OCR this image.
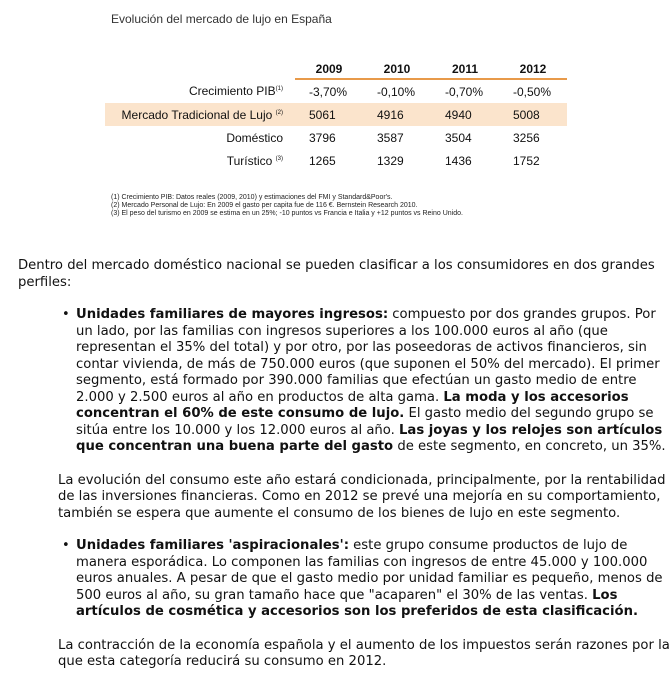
Evolución del mercado de lujo en España
	2009	2010	2011	2012
Crecimiento PIB$^{(1)}$	-3,70%	-0,10%	-0,70%	-0,50%
Mercado Tradicional de Lujo $^{(2)}$	5061	4916	4940	5008
Doméstico	3796	3587	3504	3256
Turístico $^{(3)}$	1265	1329	1436	1752
(1) Crecimiento PIB: Datos reales (2009, 2010) y estimaciones del FMI y Standard&Poor's.
(2) Mercado Personal de Lujo: En 2009 el gasto per capita fue de 116 €. Bernstein Research 2010.
(3) El peso del turismo en 2009 se estima en un 25%; -10 puntos vs Francia e Italia y +12 puntos vs Reino Unido.

Dentro del mercado doméstico nacional se pueden clasificar a los consumidores en dos grandes perfiles:

• Unidades familiares de mayores ingresos: compuesto por dos grandes grupos. Por un lado, por las familias con ingresos superiores a los 100.000 euros al año (que representan el 35% del total) y por otro, por las poseedoras de activos financieros, sin contar vivienda, de más de 750.000 euros (que suponen el 50% del mercado). El primer segmento, está formado por 390.000 familias que efectúan un gasto medio de entre 2.000 y 2.500 euros al año en productos de alta gama. La moda y los accesorios concentran el 60% de este consumo de lujo. El gasto medio del segundo grupo se sitúa entre los 10.000 y los 12.000 euros al año. Las joyas y los relojes son artículos que concentran una buena parte del gasto de este segmento, en concreto, un 35%.

La evolución del consumo este año estará condicionada, principalmente, por la rentabilidad de las inversiones financieras. Como en 2012 se prevé una mejoría en su comportamiento, también se espera que aumente el consumo de los bienes de lujo en este segmento.

• Unidades familiares 'aspiracionales': este grupo consume productos de lujo de manera esporádica. Lo componen las familias con ingresos de entre 45.000 y 100.000 euros anuales. A pesar de que el gasto medio por unidad familiar es pequeño, menos de 500 euros al año, su gran tamaño hace que "acaparen" el 30% de las ventas. Los artículos de cosmética y accesorios son los preferidos de esta clasificación.

La contracción de la economía española y el aumento de los impuestos serán razones por la que esta categoría reducirá su consumo en 2012.
